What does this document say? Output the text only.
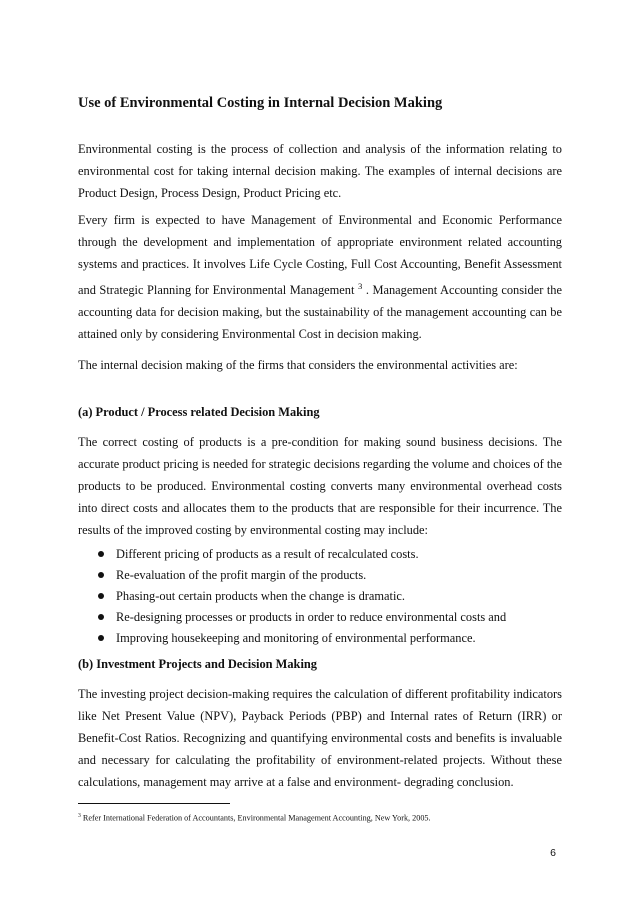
Use of Environmental Costing in Internal Decision Making

Environmental costing is the process of collection and analysis of the information relating to environmental cost for taking internal decision making. The examples of internal decisions are Product Design, Process Design, Product Pricing etc.

Every firm is expected to have Management of Environmental and Economic Performance through the development and implementation of appropriate environment related accounting systems and practices. It involves Life Cycle Costing, Full Cost Accounting, Benefit Assessment and Strategic Planning for Environmental Management $^3$ . Management Accounting consider the accounting data for decision making, but the sustainability of the management accounting can be attained only by considering Environmental Cost in decision making.

The internal decision making of the firms that considers the environmental activities are:

(a) Product / Process related Decision Making

The correct costing of products is a pre-condition for making sound business decisions. The accurate product pricing is needed for strategic decisions regarding the volume and choices of the products to be produced. Environmental costing converts many environmental overhead costs into direct costs and allocates them to the products that are responsible for their incurrence. The results of the improved costing by environmental costing may include:

Different pricing of products as a result of recalculated costs.
Re-evaluation of the profit margin of the products.
Phasing-out certain products when the change is dramatic.
Re-designing processes or products in order to reduce environmental costs and
Improving housekeeping and monitoring of environmental performance.
(b) Investment Projects and Decision Making

The investing project decision-making requires the calculation of different profitability indicators like Net Present Value (NPV), Payback Periods (PBP) and Internal rates of Return (IRR) or Benefit-Cost Ratios. Recognizing and quantifying environmental costs and benefits is invaluable and necessary for calculating the profitability of environment-related projects. Without these calculations, management may arrive at a false and environment- degrading conclusion.

$^3$ Refer International Federation of Accountants, Environmental Management Accounting, New York, 2005.

6
